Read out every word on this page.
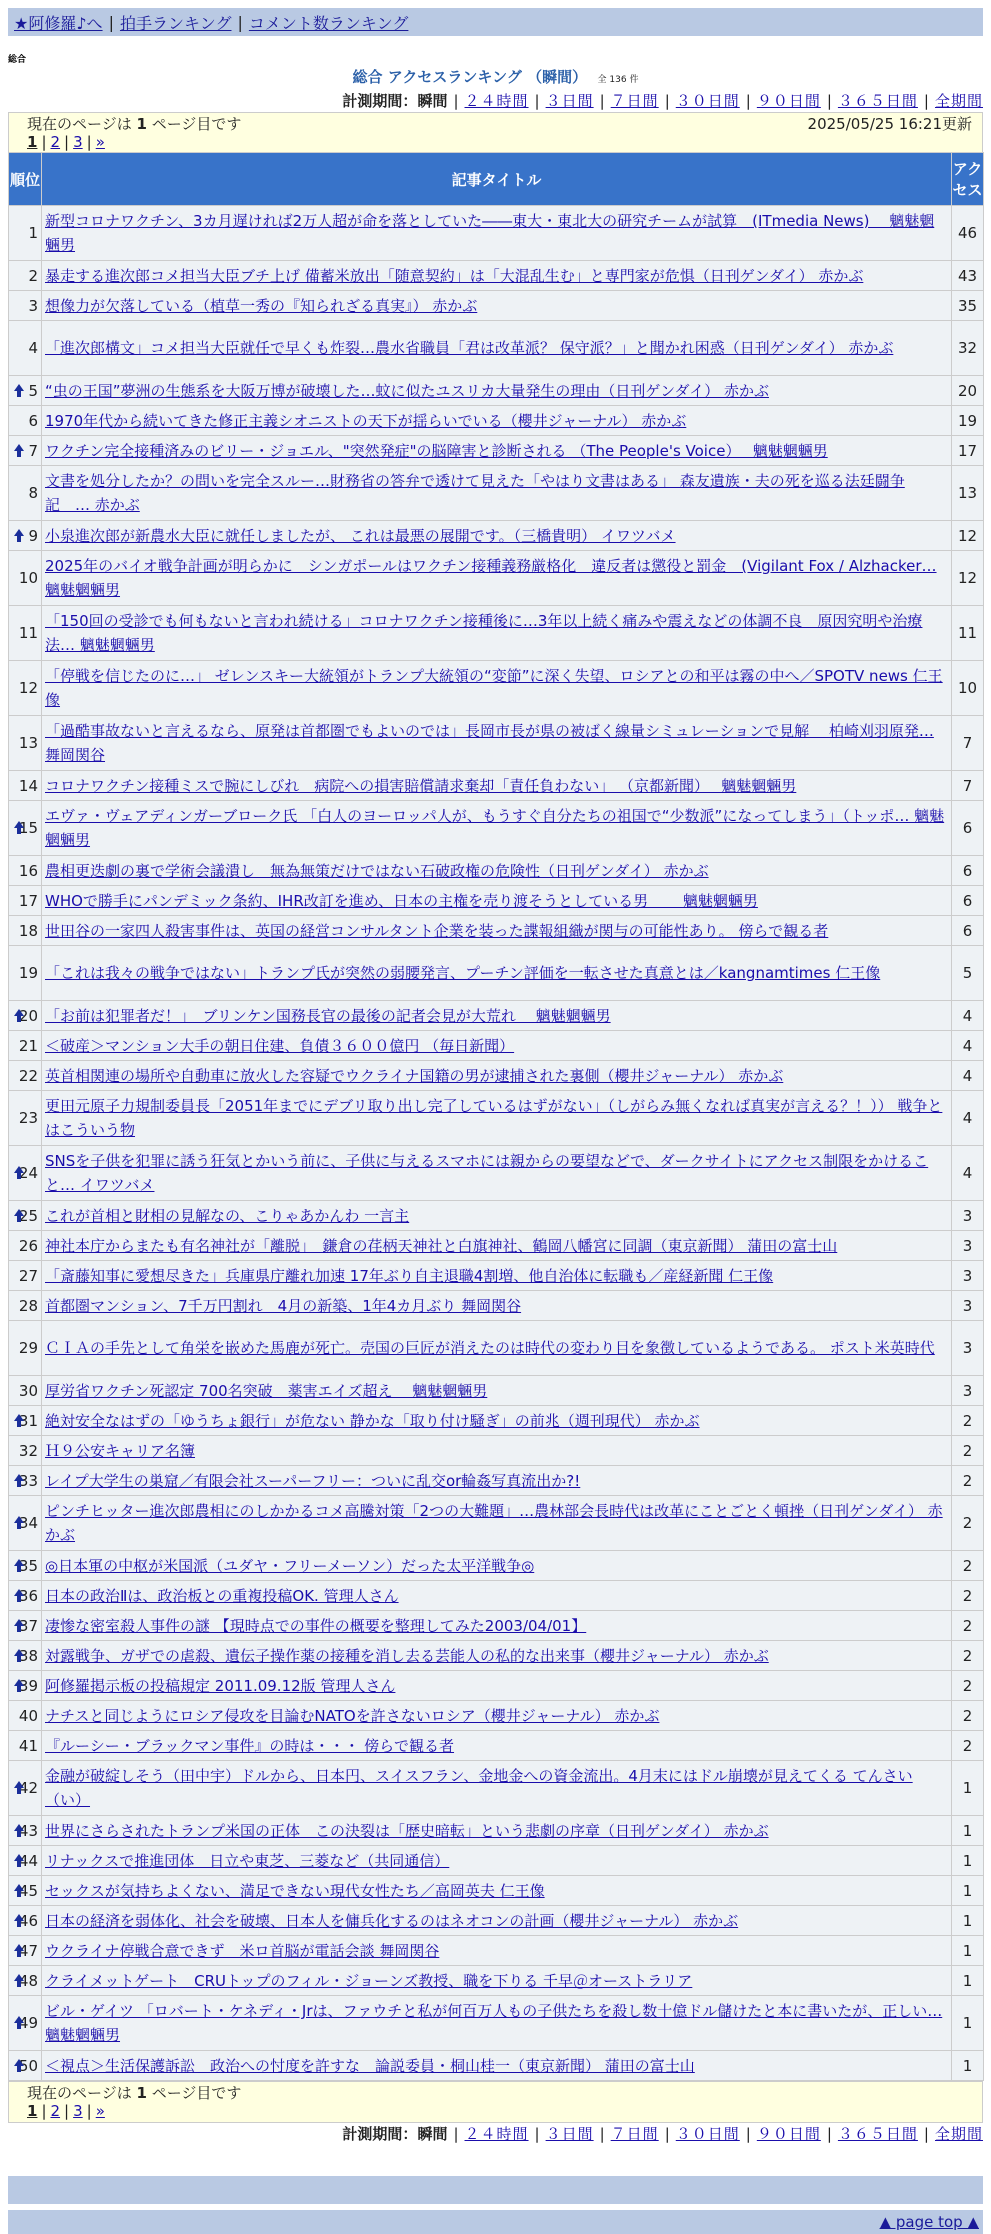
★阿修羅♪へ | 拍手ランキング | コメント数ランキング
総合
総合 アクセスランキング （瞬間） 全 136 件
計測期間：瞬間 | ２４時間 | ３日間 | ７日間 | ３０日間 | ９０日間 | ３６５日間 | 全期間
現在のページは 1 ページ目です	2025/05/25 16:21更新
1 | 2 | 3 | »
順位	記事タイトル	アクセス
1	新型コロナワクチン、3カ月遅ければ2万人超が命を落としていた――東大・東北大の研究チームが試算　(ITmedia News)　 魑魅魍魎男	46
2	暴走する進次郎コメ担当大臣ブチ上げ 備蓄米放出「随意契約」は「大混乱生む」と専門家が危惧（日刊ゲンダイ） 赤かぶ	43
3	想像力が欠落している（植草一秀の『知られざる真実』） 赤かぶ	35
4	「進次郎構文」コメ担当大臣就任で早くも炸裂…農水省職員「君は改革派？ 保守派？」と聞かれ困惑（日刊ゲンダイ） 赤かぶ	32

5	“虫の王国”夢洲の生態系を大阪万博が破壊した…蚊に似たユスリカ大量発生の理由（日刊ゲンダイ） 赤かぶ	20
6	1970年代から続いてきた修正主義シオニストの天下が揺らいでいる（櫻井ジャーナル） 赤かぶ	19

7	ワクチン完全接種済みのビリー・ジョエル、"突然発症"の脳障害と診断される （The People's Voice）　 魑魅魍魎男	17
8	文書を処分したか？の問いを完全スルー…財務省の答弁で透けて見えた「やはり文書はある」 森友遺族・夫の死を巡る法廷闘争記　… 赤かぶ	13

9	小泉進次郎が新農水大臣に就任しましたが、 これは最悪の展開です。（三橋貴明） イワツバメ	12
10	2025年のバイオ戦争計画が明らかに　シンガポールはワクチン接種義務厳格化　違反者は懲役と罰金　(Vigilant Fox / Alzhacker… 魑魅魍魎男	12
11	「150回の受診でも何もないと言われ続ける」コロナワクチン接種後に…3年以上続く痛みや震えなどの体調不良　原因究明や治療法… 魑魅魍魎男	11
12	「停戦を信じたのに…」 ゼレンスキー大統領がトランプ大統領の“変節”に深く失望、ロシアとの和平は霧の中へ／SPOTV news 仁王像	10
13	「過酷事故ないと言えるなら、原発は首都圏でもよいのでは」長岡市長が県の被ばく線量シミュレーションで見解　 柏崎刈羽原発… 舞岡関谷	7
14	コロナワクチン接種ミスで腕にしびれ　病院への損害賠償請求棄却「責任負わない」 （京都新聞）　 魑魅魍魎男	7

15	エヴァ・ヴェアディンガーブローク氏 「白人のヨーロッパ人が、もうすぐ自分たちの祖国で“少数派”になってしまう」（トッポ… 魑魅魍魎男	6
16	農相更迭劇の裏で学術会議潰し　無為無策だけではない石破政権の危険性（日刊ゲンダイ） 赤かぶ	6
17	WHOで勝手にパンデミック条約、IHR改訂を進め、日本の主権を売り渡そうとしている男　　 魑魅魍魎男	6
18	世田谷の一家四人殺害事件は、英国の経営コンサルタント企業を装った諜報組織が関与の可能性あり。 傍らで観る者	6
19	「これは我々の戦争ではない」トランプ氏が突然の弱腰発言、プーチン評価を一転させた真意とは／kangnamtimes 仁王像	5

20	「お前は犯罪者だ！」　ブリンケン国務長官の最後の記者会見が大荒れ　 魑魅魍魎男	4
21	＜破産＞マンション大手の朝日住建、負債３６００億円 （毎日新聞）	4
22	英首相関連の場所や自動車に放火した容疑でウクライナ国籍の男が逮捕された裏側（櫻井ジャーナル） 赤かぶ	4
23	更田元原子力規制委員長「2051年までにデブリ取り出し完了しているはずがない」（しがらみ無くなれば真実が言える？！）） 戦争とはこういう物	4

24	SNSを子供を犯罪に誘う狂気とかいう前に、子供に与えるスマホには親からの要望などで、ダークサイトにアクセス制限をかけること… イワツバメ	4

25	これが首相と財相の見解なの、こりゃあかんわ 一言主	3
26	神社本庁からまたも有名神社が「離脱」　鎌倉の荏柄天神社と白旗神社、鶴岡八幡宮に同調（東京新聞） 蒲田の富士山	3
27	「斎藤知事に愛想尽きた」兵庫県庁離れ加速 17年ぶり自主退職4割増、他自治体に転職も／産経新聞 仁王像	3
28	首都圏マンション、7千万円割れ　4月の新築、1年4カ月ぶり 舞岡関谷	3
29	ＣＩＡの手先として角栄を嵌めた馬鹿が死亡。売国の巨匠が消えたのは時代の変わり目を象徴しているようである。 ポスト米英時代	3
30	厚労省ワクチン死認定 700名突破　薬害エイズ超え　 魑魅魍魎男	3

31	絶対安全なはずの「ゆうちょ銀行」が危ない 静かな「取り付け騒ぎ」の前兆（週刊現代） 赤かぶ	2
32	Ｈ９公安キャリア名簿	2

33	レイプ大学生の巣窟／有限会社スーパーフリー：ついに乱交or輪姦写真流出か?!	2

34	ピンチヒッター進次郎農相にのしかかるコメ高騰対策「2つの大難題」…農林部会長時代は改革にことごとく頓挫（日刊ゲンダイ） 赤かぶ	2

35	◎日本軍の中枢が米国派（ユダヤ・フリーメーソン）だった太平洋戦争◎	2

36	日本の政治Ⅱは、政治板との重複投稿OK. 管理人さん	2

37	凄惨な密室殺人事件の謎 【現時点での事件の概要を整理してみた2003/04/01】	2

38	対露戦争、ガザでの虐殺、遺伝子操作薬の接種を消し去る芸能人の私的な出来事（櫻井ジャーナル） 赤かぶ	2

39	阿修羅掲示板の投稿規定 2011.09.12版 管理人さん	2
40	ナチスと同じようにロシア侵攻を目論むNATOを許さないロシア（櫻井ジャーナル） 赤かぶ	2
41	『ルーシー・ブラックマン事件』の時は・・・ 傍らで観る者	2

42	金融が破綻しそう（田中宇）ドルから、日本円、スイスフラン、金地金への資金流出。4月末にはドル崩壊が見えてくる てんさい（い）	1

43	世界にさらされたトランプ米国の正体　この決裂は「歴史暗転」という悲劇の序章（日刊ゲンダイ） 赤かぶ	1

44	リナックスで推進団体　日立や東芝、三菱など（共同通信）	1

45	セックスが気持ちよくない、満足できない現代女性たち／高岡英夫 仁王像	1

46	日本の経済を弱体化、社会を破壊、日本人を傭兵化するのはネオコンの計画（櫻井ジャーナル） 赤かぶ	1

47	ウクライナ停戦合意できず　米ロ首脳が電話会談 舞岡関谷	1

48	クライメットゲート　CRUトップのフィル・ジョーンズ教授、職を下りる 千早＠オーストラリア	1

49	ビル・ゲイツ 「ロバート・ケネディ・Jrは、ファウチと私が何百万人もの子供たちを殺し数十億ドル儲けたと本に書いたが、正しい… 魑魅魍魎男	1

50	＜視点＞生活保護訴訟　政治への忖度を許すな　論説委員・桐山桂一（東京新聞） 蒲田の富士山	1
現在のページは 1 ページ目です
1 | 2 | 3 | »
計測期間：瞬間 | ２４時間 | ３日間 | ７日間 | ３０日間 | ９０日間 | ３６５日間 | 全期間
▲ page top ▲
